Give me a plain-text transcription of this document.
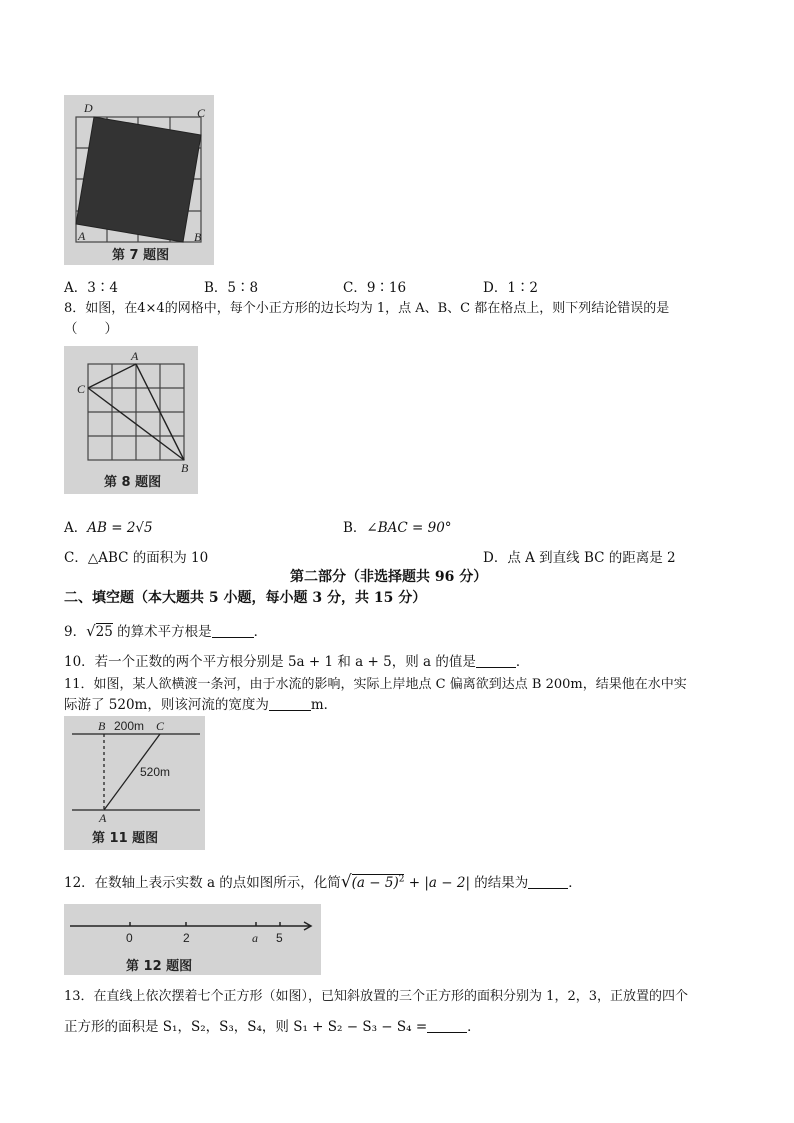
D	C
A	B
第 7 题图
A．3∶4	B．5∶8	C．9∶16	D．1∶2
8．如图，在4×4的网格中，每个小正方形的边长均为 1，点 A、B、C 都在格点上，则下列结论错误的是
（　　）
A
C
B
第 8 题图
A．AB = 2√5	B．∠BAC = 90°
C．△ABC 的面积为 10	D．点 A 到直线 BC 的距离是 2
第二部分（非选择题共 96 分）
二、填空题（本大题共 5 小题，每小题 3 分，共 15 分）
9．√25 的算术平方根是	．
10．若一个正数的两个平方根分别是 5a + 1 和 a + 5，则 a 的值是	．
11．如图，某人欲横渡一条河，由于水流的影响，实际上岸地点 C 偏离欲到达点 B 200m，结果他在水中实
际游了 520m，则该河流的宽度为	m．
B 200m C
520m
A
第 11 题图
12．在数轴上表示实数 a 的点如图所示，化简$√(a - 5)^2 + |a - 2|$ 的结果为	．
0	2	a 5
第 12 题图
13．在直线上依次摆着七个正方形（如图），已知斜放置的三个正方形的面积分别为 1，2，3，正放置的四个
正方形的面积是 S₁，S₂，S₃，S₄，则 S₁ + S₂ − S₃ − S₄ =	．
